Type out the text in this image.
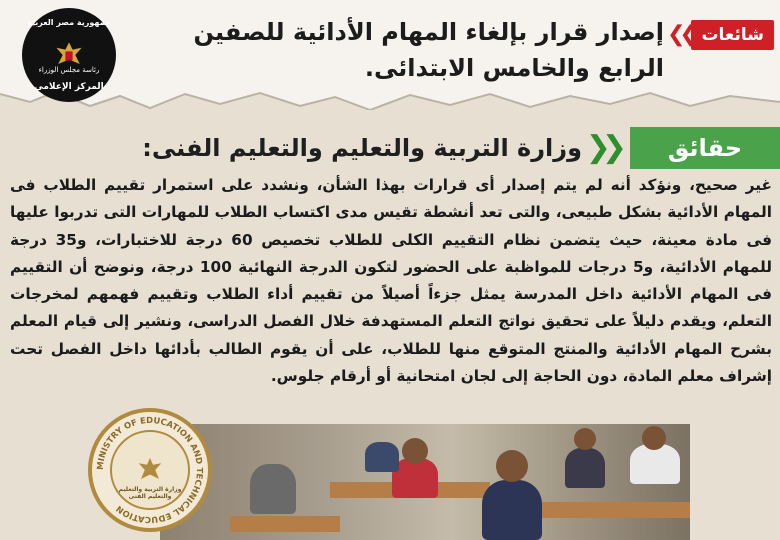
شائعات
❮❮
إصدار قرار بإلغاء المهام الأدائية للصفين الرابع والخامس الابتدائى.
جمهورية مصر العربية
رئاسة مجلس الوزراء
المركز الإعلامى
حقائق
❯❯
وزارة التربية والتعليم والتعليم الفنى:
غير صحيح، ونؤكد أنه لم يتم إصدار أى قرارات بهذا الشأن، ونشدد على استمرار تقييم الطلاب فى المهام الأدائية بشكل طبيعى، والتى تعد أنشطة تقيس مدى اكتساب الطلاب للمهارات التى تدربوا عليها فى مادة معينة، حيث يتضمن نظام التقييم الكلى للطلاب تخصيص 60 درجة للاختبارات، و35 درجة للمهام الأدائية، و5 درجات للمواظبة على الحضور لتكون الدرجة النهائية 100 درجة، ونوضح أن التقييم فى المهام الأدائية داخل المدرسة يمثل جزءاً أصيلاً من تقييم أداء الطلاب وتقييم فهمهم لمخرجات التعلم، ويقدم دليلاً على تحقيق نواتج التعلم المستهدفة خلال الفصل الدراسى، ونشير إلى قيام المعلم بشرح المهام الأدائية والمنتج المتوقع منها للطلاب، على أن يقوم الطالب بأدائها داخل الفصل تحت إشراف معلم المادة، دون الحاجة إلى لجان امتحانية أو أرقام جلوس.
MINISTRY OF EDUCATION AND TECHNICAL EDUCATION
وزارة التربية والتعليم والتعليم الفنى
